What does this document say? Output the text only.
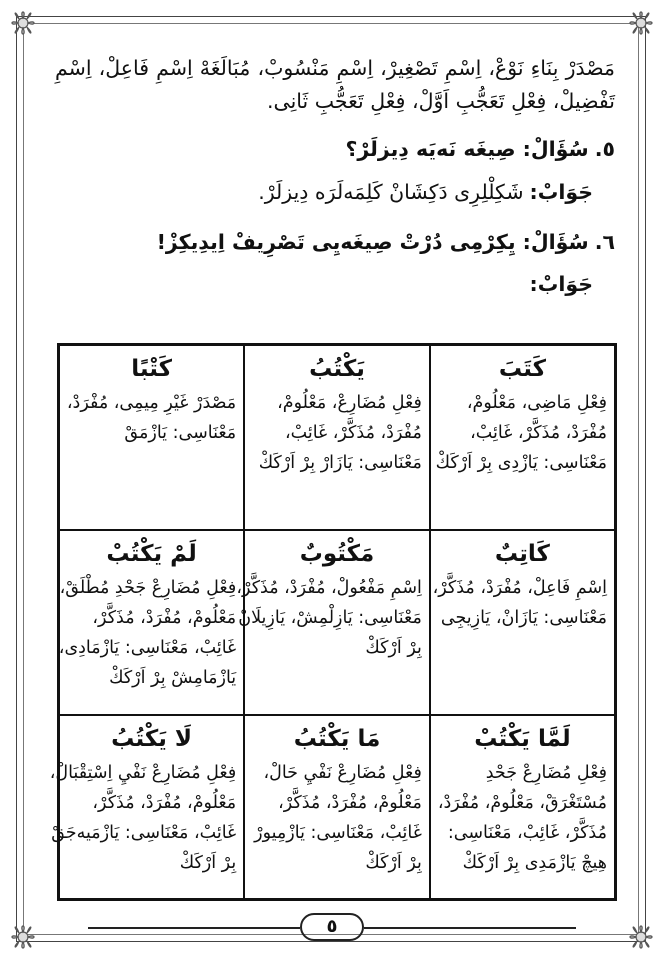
مَصْدَرْ بِنَاءِ نَوْعْ، اِسْمِ تَصْغِيرْ، اِسْمِ مَنْسُوبْ، مُبَالَغَهْ اِسْمِ فَاعِلْ، اِسْمِ
تَفْضِيلْ، فِعْلِ تَعَجُّبِ اَوَّلْ، فِعْلِ تَعَجُّبِ ثَانِى.

٥.سُؤَالْ: صِيغَه نَه‌يَه دِيزلَرْ؟
جَوَابْ:شَكِلْلِرِى دَكِشَانْ كَلِمَه‌لَرَه دِيزلَرْ.
٦.سُؤَالْ: يِكِرْمِى دُرْتْ صِيغَه‌يِى تَصْرِيفْ اِيدِيكِزْ!
جَوَابْ:
كَتَبَ
فِعْلِ مَاضِى، مَعْلُومْ،
مُفْرَدْ، مُذَكَّرْ، غَائِبْ،
مَعْنَاسِى: يَازْدِى بِرْ اَرْكَكْ	يَكْتُبُ
فِعْلِ مُضَارِعْ، مَعْلُومْ،
مُفْرَدْ، مُذَكَّرْ، غَائِبْ،
مَعْنَاسِى: يَازَارْ بِرْ اَرْكَكْ	كَتْبًا
مَصْدَرْ غَيْرِ مِيمِى، مُفْرَدْ،
مَعْنَاسِى: يَازْمَقْ

كَاتِبٌ
اِسْمِ فَاعِلْ، مُفْرَدْ، مُذَكَّرْ،
مَعْنَاسِى: يَازَانْ، يَازِيجِى	مَكْتُوبٌ
اِسْمِ مَفْعُولْ، مُفْرَدْ، مُذَكَّرْ،
مَعْنَاسِى: يَازِلْمِشْ، يَازِيلَانْ
بِرْ اَرْكَكْ	لَمْ يَكْتُبْ
فِعْلِ مُضَارِعْ جَحْدِ مُطْلَقْ،
مَعْلُومْ، مُفْرَدْ، مُذَكَّرْ،
غَائِبْ، مَعْنَاسِى: يَازْمَادِى،
يَازْمَامِشْ بِرْ اَرْكَكْ

لَمَّا يَكْتُبْ
فِعْلِ مُضَارِعْ جَحْدِ
مُسْتَغْرَقْ، مَعْلُومْ، مُفْرَدْ،
مُذَكَّرْ، غَائِبْ، مَعْنَاسِى:
هِيچْ يَازْمَدِى بِرْ اَرْكَكْ	مَا يَكْتُبُ
فِعْلِ مُضَارِعْ نَفْيِ حَالْ،
مَعْلُومْ، مُفْرَدْ، مُذَكَّرْ،
غَائِبْ، مَعْنَاسِى: يَازْمِيورْ
بِرْ اَرْكَكْ	لَا يَكْتُبُ
فِعْلِ مُضَارِعْ نَفْيِ اِسْتِقْبَالْ،
مَعْلُومْ، مُفْرَدْ، مُذَكَّرْ،
غَائِبْ، مَعْنَاسِى: يَازْمَيه‌جَقْ
بِرْ اَرْكَكْ
٥
